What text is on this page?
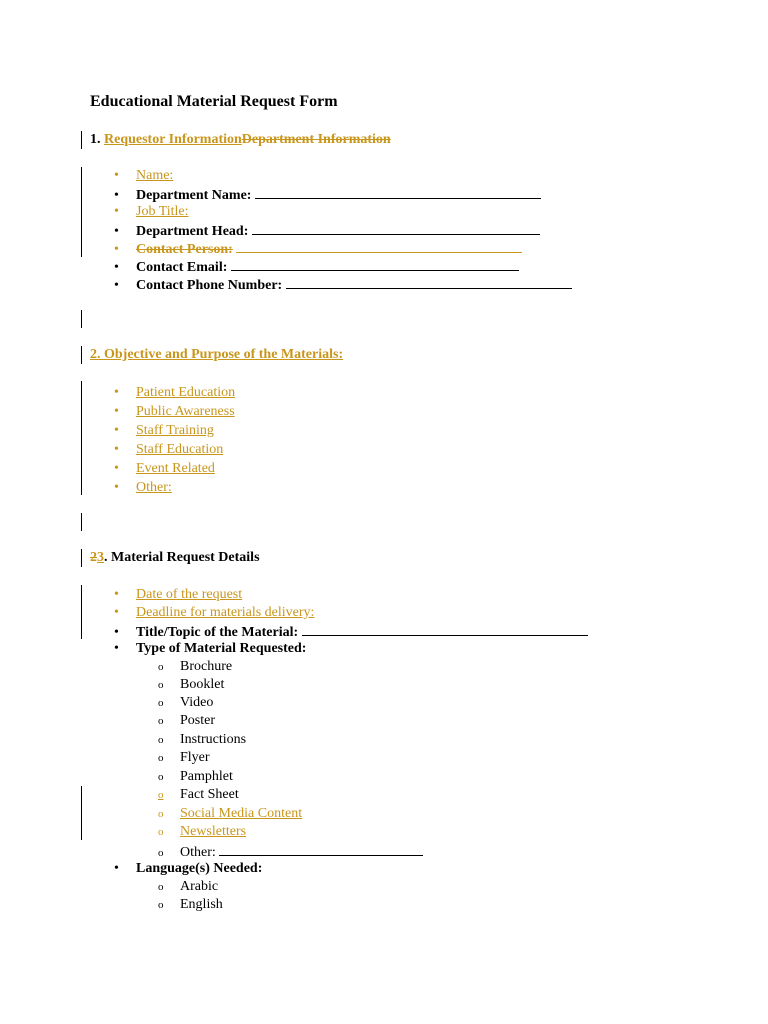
Educational Material Request Form
1. Requestor InformationDepartment Information
• Name:
• Department Name:
• Job Title:
• Department Head:
• Contact Person:
• Contact Email:
• Contact Phone Number:
2. Objective and Purpose of the Materials:
• Patient Education
• Public Awareness
• Staff Training
• Staff Education
• Event Related
• Other:
23. Material Request Details
• Date of the request
• Deadline for materials delivery:
• Title/Topic of the Material:
• Type of Material Requested:
o Brochure
o Booklet
o Video
o Poster
o Instructions
o Flyer
o Pamphlet
o Fact Sheet
o Social Media Content
o Newsletters
o Other:
• Language(s) Needed:
o Arabic
o English
